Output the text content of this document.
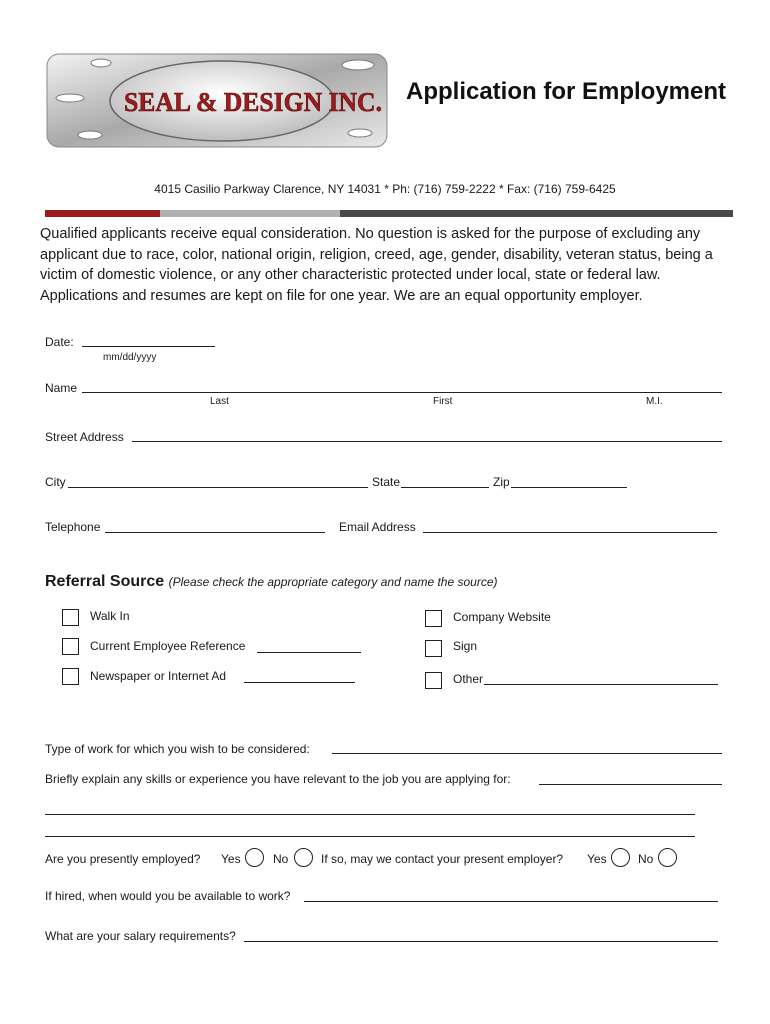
SEAL & DESIGN INC. Application for Employment
4015 Casilio Parkway Clarence, NY 14031 * Ph: (716) 759-2222 * Fax: (716) 759-6425
Qualified applicants receive equal consideration. No question is asked for the purpose of excluding any applicant due to race, color, national origin, religion, creed, age, gender, disability, veteran status, being a victim of domestic violence, or any other characteristic protected under local, state or federal law. Applications and resumes are kept on file for one year. We are an equal opportunity employer.
Date:
mm/dd/yyyy
Name
Last	First	M.I.
Street Address
City	State	Zip
Telephone	Email Address
Referral Source (Please check the appropriate category and name the source)
Walk In
Current Employee Reference
Newspaper or Internet Ad
Company Website
Sign
Other
Type of work for which you wish to be considered:
Briefly explain any skills or experience you have relevant to the job you are applying for:
Are you presently employed? Yes	No	If so, may we contact your present employer? Yes	No
If hired, when would you be available to work?
What are your salary requirements?
